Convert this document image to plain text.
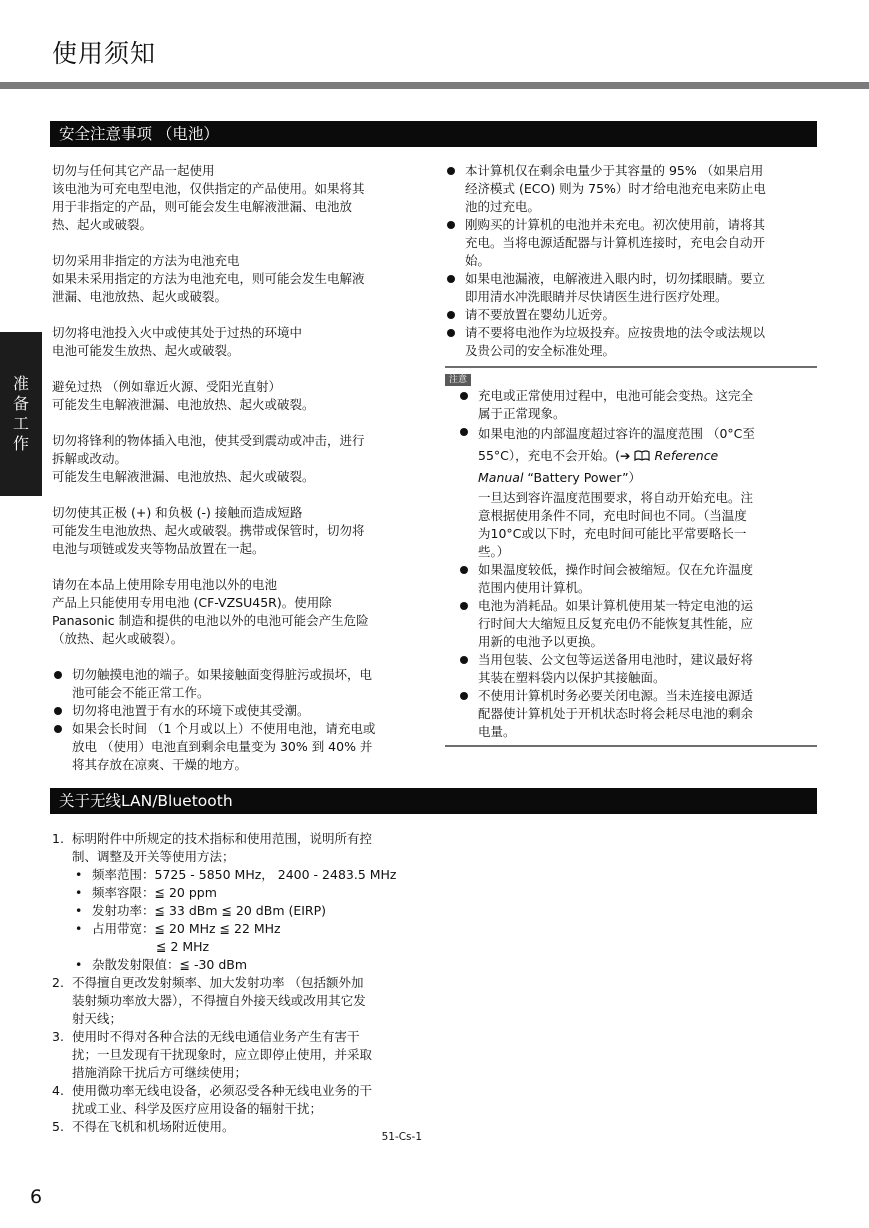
使用须知
准
备
工
作
安全注意事项 （电池）
切勿与任何其它产品一起使用
该电池为可充电型电池，仅供指定的产品使用。如果将其
用于非指定的产品，则可能会发生电解液泄漏、电池放
热、起火或破裂。
切勿采用非指定的方法为电池充电
如果未采用指定的方法为电池充电，则可能会发生电解液
泄漏、电池放热、起火或破裂。
切勿将电池投入火中或使其处于过热的环境中
电池可能发生放热、起火或破裂。
避免过热 （例如靠近火源、受阳光直射）
可能发生电解液泄漏、电池放热、起火或破裂。
切勿将锋利的物体插入电池，使其受到震动或冲击，进行
拆解或改动。
可能发生电解液泄漏、电池放热、起火或破裂。
切勿使其正极 (+) 和负极 (-) 接触而造成短路
可能发生电池放热、起火或破裂。携带或保管时，切勿将
电池与项链或发夹等物品放置在一起。
请勿在本品上使用除专用电池以外的电池
产品上只能使用专用电池 (CF-VZSU45R)。使用除
Panasonic 制造和提供的电池以外的电池可能会产生危险
（放热、起火或破裂）。
切勿触摸电池的端子。如果接触面变得脏污或损坏，电
池可能会不能正常工作。
切勿将电池置于有水的环境下或使其受潮。
如果会长时间 （1 个月或以上）不使用电池，请充电或
放电 （使用）电池直到剩余电量变为 30% 到 40% 并
将其存放在凉爽、干燥的地方。
本计算机仅在剩余电量少于其容量的 95% （如果启用
经济模式 (ECO) 则为 75%）时才给电池充电来防止电
池的过充电。
刚购买的计算机的电池并未充电。初次使用前，请将其
充电。当将电源适配器与计算机连接时，充电会自动开
始。
如果电池漏液，电解液进入眼内时，切勿揉眼睛。要立
即用清水冲洗眼睛并尽快请医生进行医疗处理。
请不要放置在婴幼儿近旁。
请不要将电池作为垃圾投弃。应按贵地的法令或法规以
及贵公司的安全标准处理。
注意
充电或正常使用过程中，电池可能会变热。这完全
属于正常现象。
如果电池的内部温度超过容许的温度范围 （0°C至
55°C），充电不会开始。(➔ Reference
Manual “Battery Power”）
一旦达到容许温度范围要求，将自动开始充电。注
意根据使用条件不同，充电时间也不同。（当温度
为10°C或以下时，充电时间可能比平常要略长一
些。）
如果温度较低，操作时间会被缩短。仅在允许温度
范围内使用计算机。
电池为消耗品。如果计算机使用某一特定电池的运
行时间大大缩短且反复充电仍不能恢复其性能，应
用新的电池予以更换。
当用包装、公文包等运送备用电池时，建议最好将
其装在塑料袋内以保护其接触面。
不使用计算机时务必要关闭电源。当未连接电源适
配器使计算机处于开机状态时将会耗尽电池的剩余
电量。
关于无线LAN/Bluetooth
1. 标明附件中所规定的技术指标和使用范围，说明所有控
制、调整及开关等使用方法；
• 频率范围：5725 - 5850 MHz， 2400 - 2483.5 MHz
• 频率容限：≦ 20 ppm
• 发射功率：≦ 33 dBm ≦ 20 dBm (EIRP)
• 占用带宽：≦ 20 MHz ≦ 22 MHz
≦ 2 MHz
• 杂散发射限值：≦ -30 dBm
2. 不得擅自更改发射频率、加大发射功率 （包括额外加
装射频功率放大器），不得擅自外接天线或改用其它发
射天线；
3. 使用时不得对各种合法的无线电通信业务产生有害干
扰；一旦发现有干扰现象时，应立即停止使用，并采取
措施消除干扰后方可继续使用；
4. 使用微功率无线电设备，必须忍受各种无线电业务的干
扰或工业、科学及医疗应用设备的辐射干扰；
5. 不得在飞机和机场附近使用。
51-Cs-1
6
